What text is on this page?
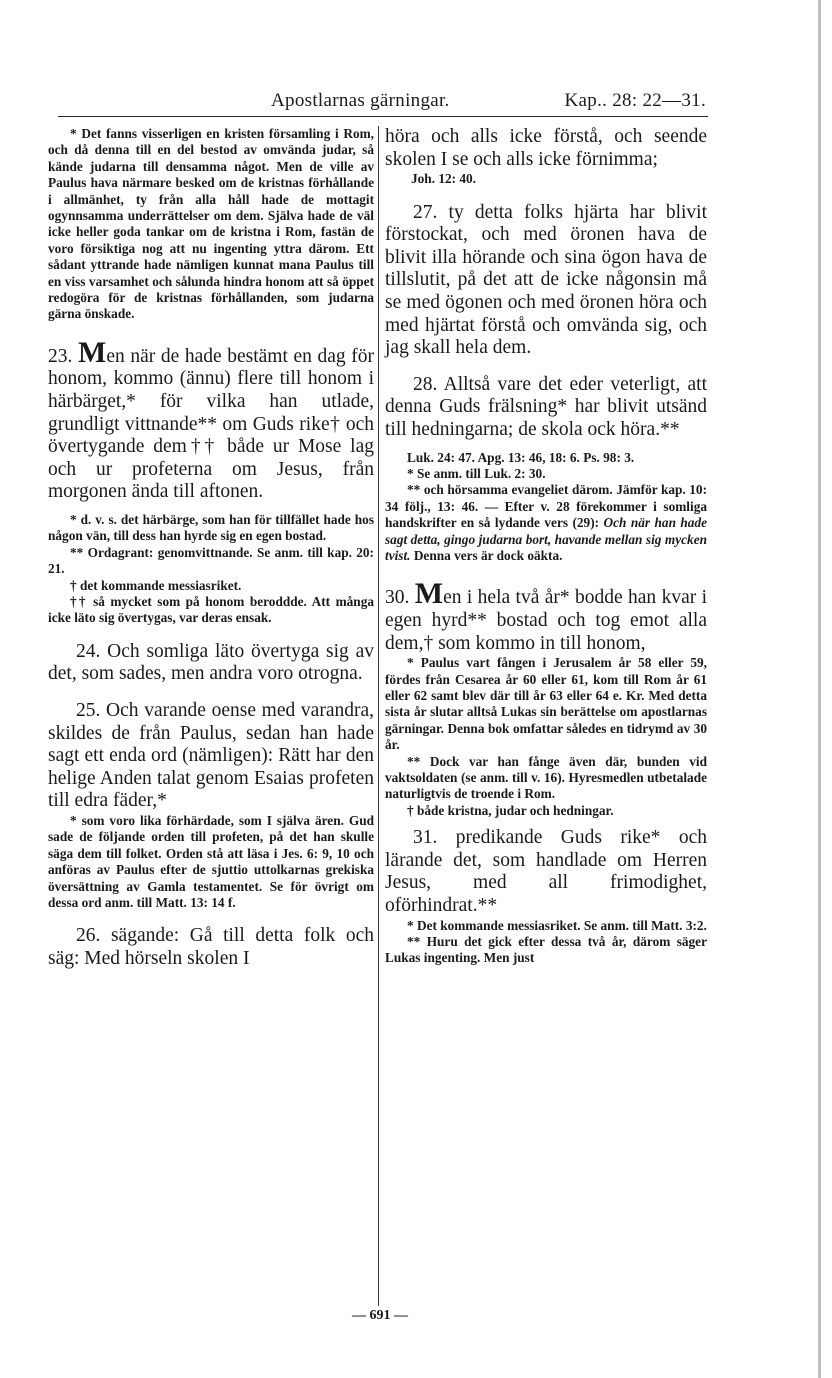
Apostlarnas gärningar.	Kap.. 28: 22—31.

* Det fanns visserligen en kristen församling i Rom, och då denna till en del bestod av omvända judar, så kände judarna till densamma något. Men de ville av Paulus hava närmare besked om de kristnas förhållande i allmänhet, ty från alla håll hade de mottagit ogynnsamma underrättelser om dem. Själva hade de väl icke heller goda tankar om de kristna i Rom, fastän de voro försiktiga nog att nu ingenting yttra därom. Ett sådant yttrande hade nämligen kunnat mana Paulus till en viss varsamhet och sålunda hindra honom att så öppet redogöra för de kristnas förhållanden, som judarna gärna önskade.

23. Men när de hade bestämt en dag för honom, kommo (ännu) flere till honom i härbärget,* för vilka han utlade, grundligt vittnande** om Guds rike† och övertygande dem†† både ur Mose lag och ur profeterna om Jesus, från morgonen ända till aftonen.

* d. v. s. det härbärge, som han för tillfället hade hos någon vän, till dess han hyrde sig en egen bostad.

** Ordagrant: genomvittnande. Se anm. till kap. 20: 21.

† det kommande messiasriket.

†† så mycket som på honom beroddde. Att många icke läto sig övertygas, var deras ensak.

24. Och somliga läto övertyga sig av det, som sades, men andra voro otrogna.

25. Och varande oense med varandra, skildes de från Paulus, sedan han hade sagt ett enda ord (nämligen): Rätt har den helige Anden talat genom Esaias profeten till edra fäder,*

* som voro lika förhärdade, som I själva ären. Gud sade de följande orden till profeten, på det han skulle säga dem till folket. Orden stå att läsa i Jes. 6: 9, 10 och anföras av Paulus efter de sjuttio uttolkarnas grekiska översättning av Gamla testamentet. Se för övrigt om dessa ord anm. till Matt. 13: 14 f.

26. sägande: Gå till detta folk och säg: Med hörseln skolen I

höra och alls icke förstå, och seende skolen I se och alls icke förnimma;

Joh. 12: 40.

27. ty detta folks hjärta har blivit förstockat, och med öronen hava de blivit illa hörande och sina ögon hava de tillslutit, på det att de icke någonsin må se med ögonen och med öronen höra och med hjärtat förstå och omvända sig, och jag skall hela dem.

28. Alltså vare det eder veterligt, att denna Guds frälsning* har blivit utsänd till hedningarna; de skola ock höra.**

Luk. 24: 47. Apg. 13: 46, 18: 6. Ps. 98: 3.

* Se anm. till Luk. 2: 30.

** och hörsamma evangeliet därom. Jämför kap. 10: 34 följ., 13: 46. — Efter v. 28 förekommer i somliga handskrifter en så lydande vers (29): Och när han hade sagt detta, gingo judarna bort, havande mellan sig mycken tvist. Denna vers är dock oäkta.

30. Men i hela två år* bodde han kvar i egen hyrd** bostad och tog emot alla dem,† som kommo in till honom,

* Paulus vart fången i Jerusalem år 58 eller 59, fördes från Cesarea år 60 eller 61, kom till Rom år 61 eller 62 samt blev där till år 63 eller 64 e. Kr. Med detta sista år slutar alltså Lukas sin berättelse om apostlarnas gärningar. Denna bok omfattar således en tidrymd av 30 år.

** Dock var han fånge även där, bunden vid vaktsoldaten (se anm. till v. 16). Hyresmedlen utbetalade naturligtvis de troende i Rom.

† både kristna, judar och hedningar.

31. predikande Guds rike* och lärande det, som handlade om Herren Jesus, med all frimodighet, oförhindrat.**

* Det kommande messiasriket. Se anm. till Matt. 3:2.

** Huru det gick efter dessa två år, därom säger Lukas ingenting. Men just

— 691 —
